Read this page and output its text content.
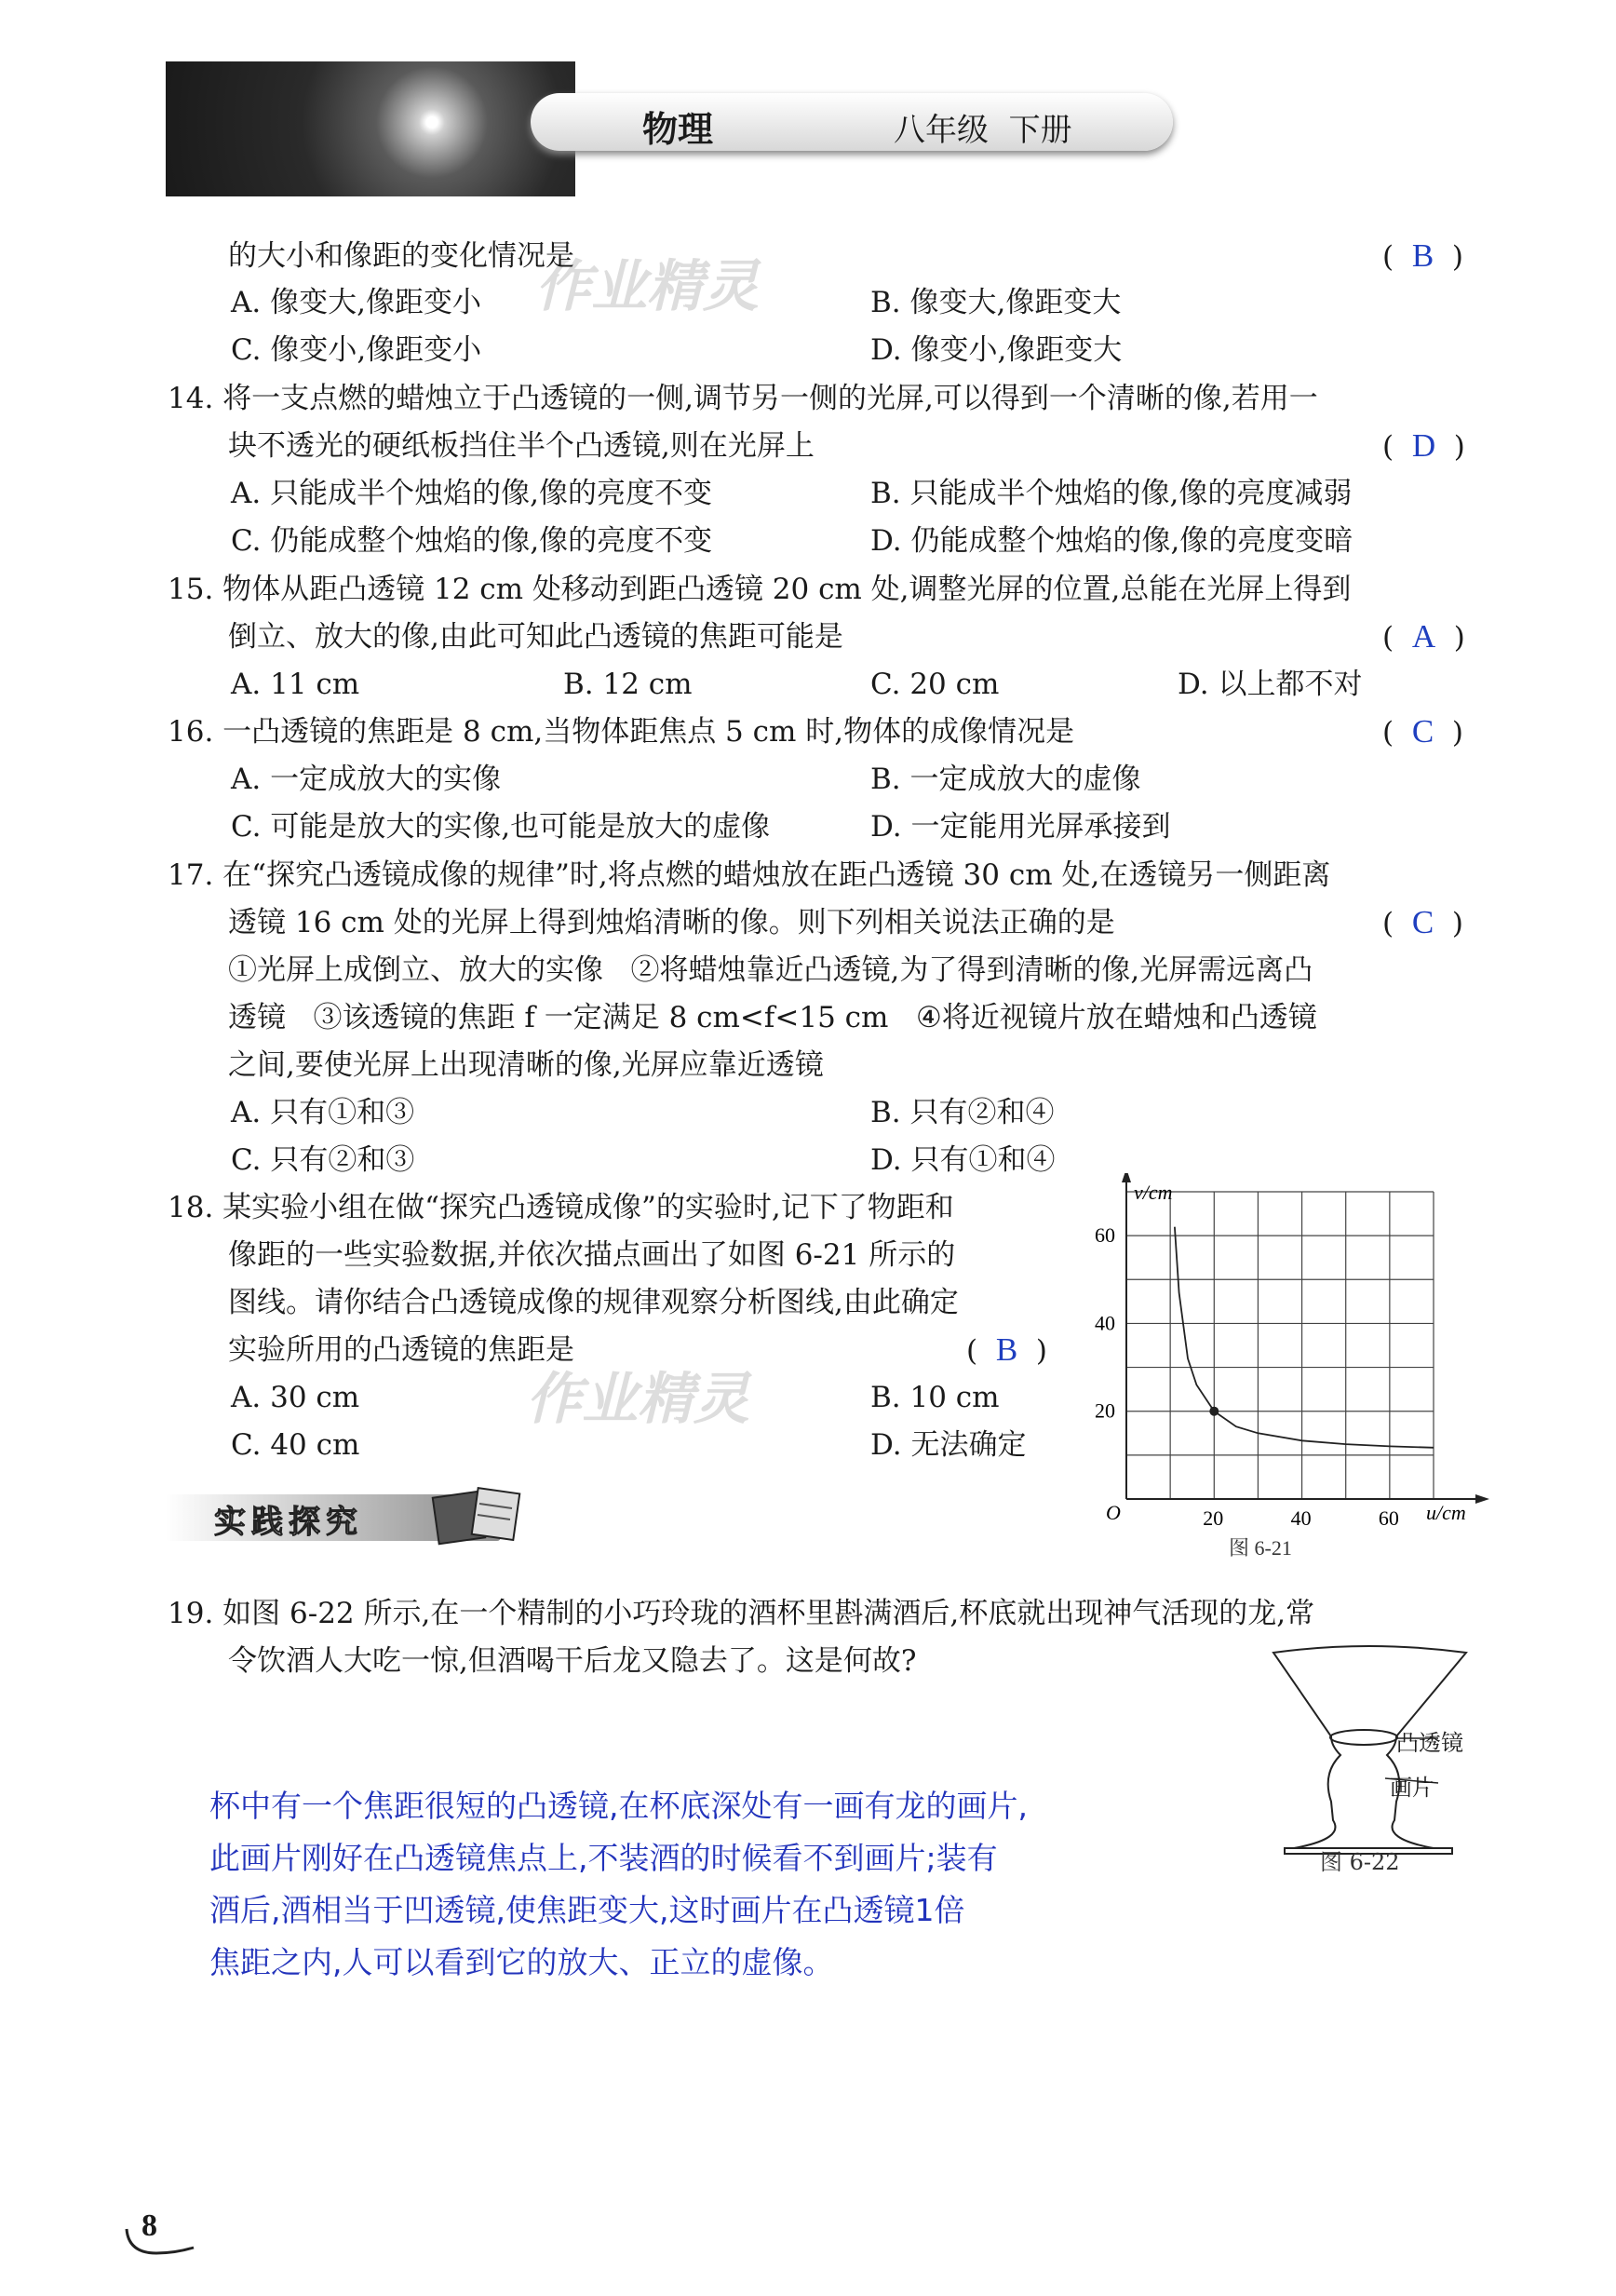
物理	八年级  下册
作业精灵
作业精灵
的大小和像距的变化情况是	(  B  )
A. 像变大,像距变小	B. 像变大,像距变大
C. 像变小,像距变小	D. 像变小,像距变大
14. 将一支点燃的蜡烛立于凸透镜的一侧,调节另一侧的光屏,可以得到一个清晰的像,若用一
块不透光的硬纸板挡住半个凸透镜,则在光屏上	(  D  )
A. 只能成半个烛焰的像,像的亮度不变	B. 只能成半个烛焰的像,像的亮度减弱
C. 仍能成整个烛焰的像,像的亮度不变	D. 仍能成整个烛焰的像,像的亮度变暗
15. 物体从距凸透镜 12 cm 处移动到距凸透镜 20 cm 处,调整光屏的位置,总能在光屏上得到
倒立、放大的像,由此可知此凸透镜的焦距可能是	(  A  )
A. 11 cm	B. 12 cm	C. 20 cm	D. 以上都不对
16. 一凸透镜的焦距是 8 cm,当物体距焦点 5 cm 时,物体的成像情况是	(  C  )
A. 一定成放大的实像	B. 一定成放大的虚像
C. 可能是放大的实像,也可能是放大的虚像	D. 一定能用光屏承接到
17. 在“探究凸透镜成像的规律”时,将点燃的蜡烛放在距凸透镜 30 cm 处,在透镜另一侧距离
透镜 16 cm 处的光屏上得到烛焰清晰的像。则下列相关说法正确的是	(  C  )
①光屏上成倒立、放大的实像   ②将蜡烛靠近凸透镜,为了得到清晰的像,光屏需远离凸
透镜   ③该透镜的焦距 f 一定满足 8 cm<f<15 cm   ④将近视镜片放在蜡烛和凸透镜
之间,要使光屏上出现清晰的像,光屏应靠近透镜
A. 只有①和③	B. 只有②和④
C. 只有②和③	D. 只有①和④
18. 某实验小组在做“探究凸透镜成像”的实验时,记下了物距和
像距的一些实验数据,并依次描点画出了如图 6-21 所示的
图线。请你结合凸透镜成像的规律观察分析图线,由此确定
实验所用的凸透镜的焦距是	(  B  )
A. 30 cm	B. 10 cm
C. 40 cm	D. 无法确定
v/cm
u/cm
O	20	40	60
20
40
60
图 6-21
实践探究
19. 如图 6-22 所示,在一个精制的小巧玲珑的酒杯里斟满酒后,杯底就出现神气活现的龙,常
令饮酒人大吃一惊,但酒喝干后龙又隐去了。这是何故?
凸透镜
画片
图 6-22
杯中有一个焦距很短的凸透镜,在杯底深处有一画有龙的画片,
此画片刚好在凸透镜焦点上,不装酒的时候看不到画片;装有
酒后,酒相当于凹透镜,使焦距变大,这时画片在凸透镜1倍
焦距之内,人可以看到它的放大、正立的虚像。
8
